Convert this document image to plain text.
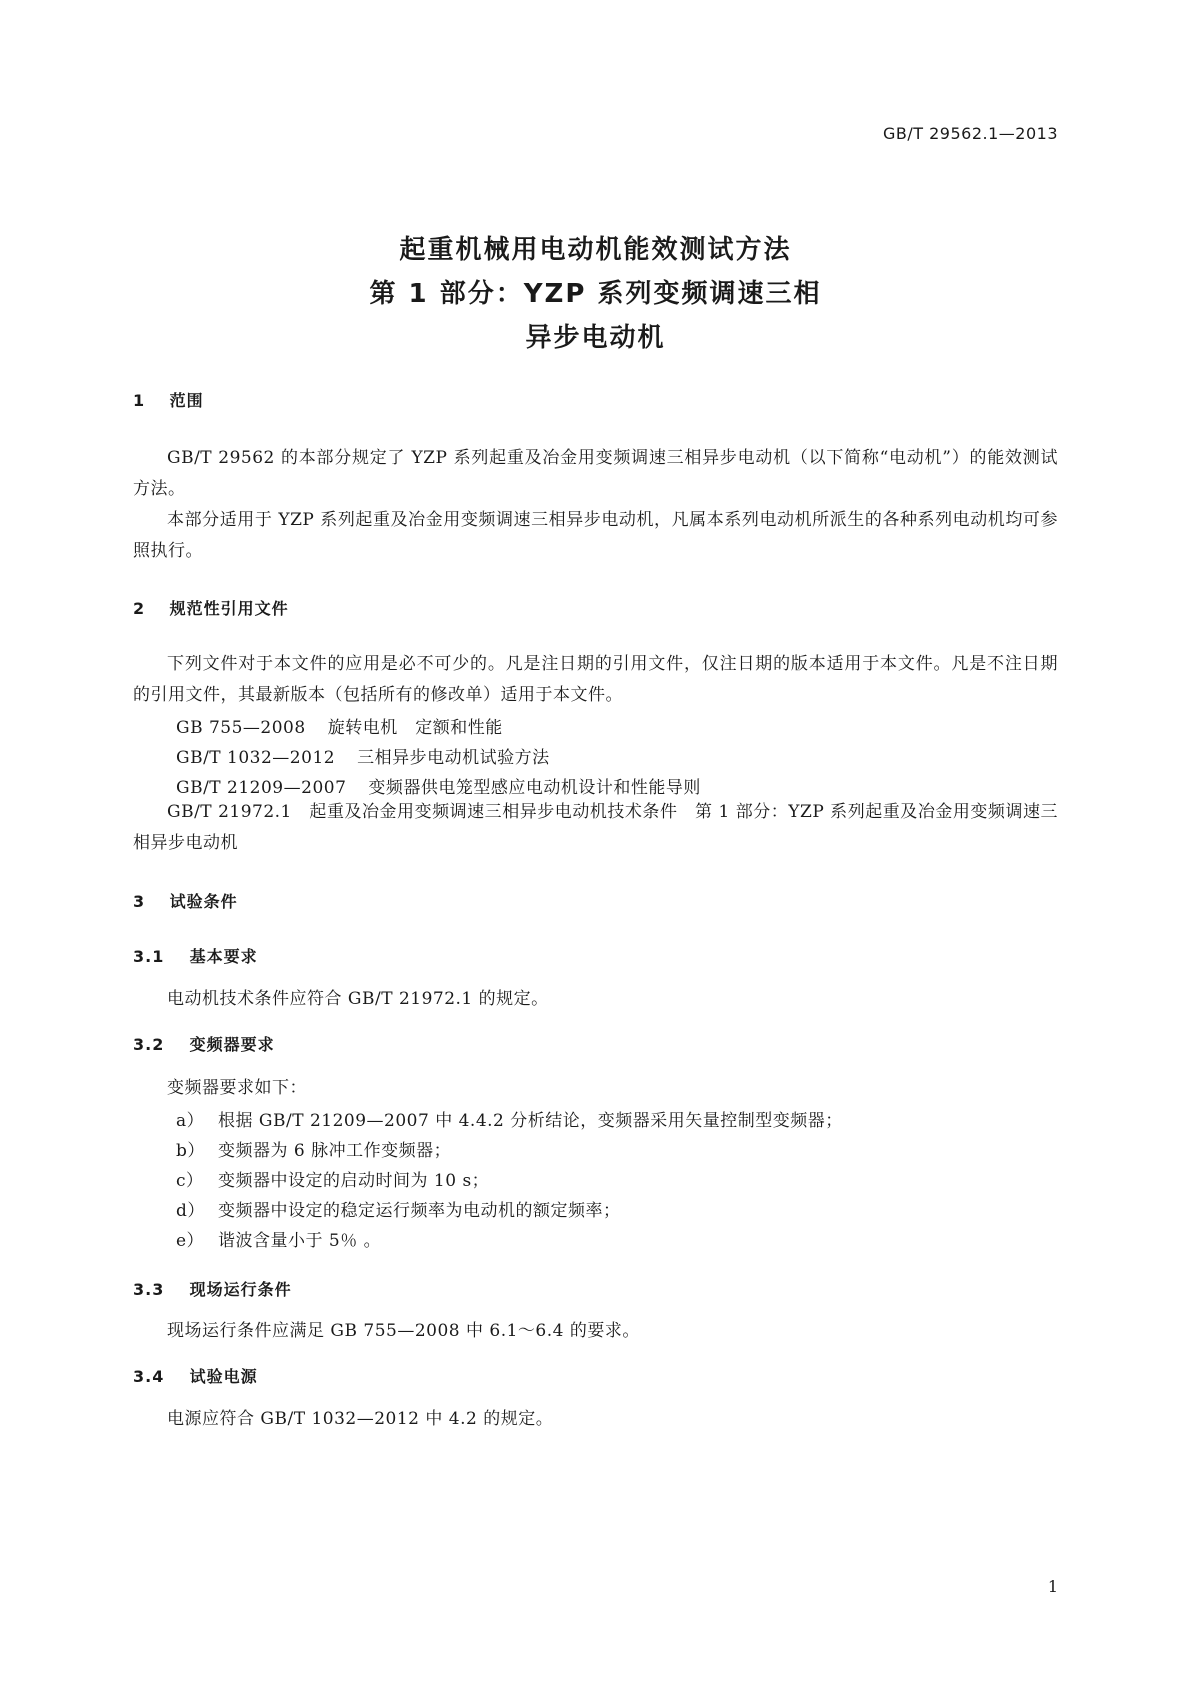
GB/T 29562.1—2013
起重机械用电动机能效测试方法
第 1 部分：YZP 系列变频调速三相
异步电动机
1 范围
GB/T 29562 的本部分规定了 YZP 系列起重及冶金用变频调速三相异步电动机（以下简称“电动机”）的能效测试方法。
本部分适用于 YZP 系列起重及冶金用变频调速三相异步电动机，凡属本系列电动机所派生的各种系列电动机均可参照执行。
2 规范性引用文件
下列文件对于本文件的应用是必不可少的。凡是注日期的引用文件，仅注日期的版本适用于本文件。凡是不注日期的引用文件，其最新版本（包括所有的修改单）适用于本文件。
GB 755—2008 旋转电机　定额和性能
GB/T 1032—2012 三相异步电动机试验方法
GB/T 21209—2007 变频器供电笼型感应电动机设计和性能导则
GB/T 21972.1　起重及冶金用变频调速三相异步电动机技术条件　第 1 部分：YZP 系列起重及冶金用变频调速三相异步电动机
3 试验条件
3.1 基本要求
电动机技术条件应符合 GB/T 21972.1 的规定。
3.2 变频器要求
变频器要求如下：
a） 根据 GB/T 21209—2007 中 4.4.2 分析结论，变频器采用矢量控制型变频器；
b） 变频器为 6 脉冲工作变频器；
c） 变频器中设定的启动时间为 10 s；
d） 变频器中设定的稳定运行频率为电动机的额定频率；
e） 谐波含量小于 5％ 。
3.3 现场运行条件
现场运行条件应满足 GB 755—2008 中 6.1～6.4 的要求。
3.4 试验电源
电源应符合 GB/T 1032—2012 中 4.2 的规定。
1
